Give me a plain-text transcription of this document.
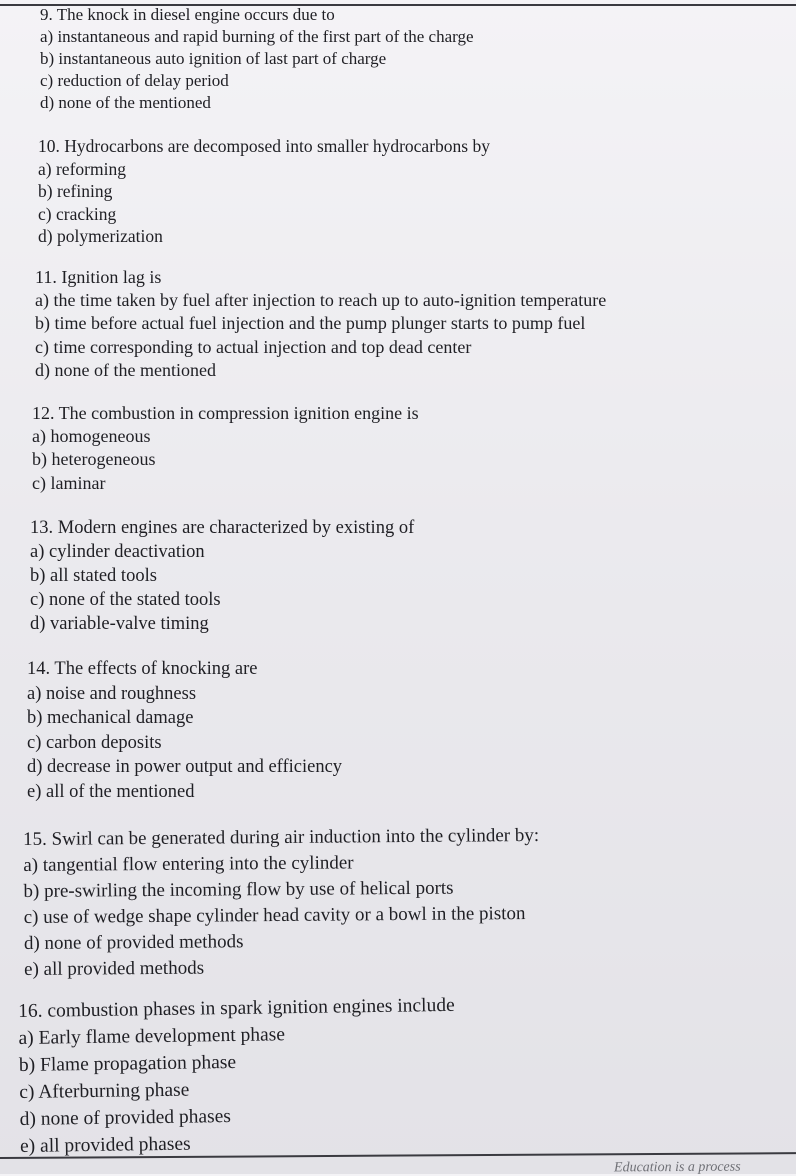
9. The knock in diesel engine occurs due to
a) instantaneous and rapid burning of the first part of the charge
b) instantaneous auto ignition of last part of charge
c) reduction of delay period
d) none of the mentioned
10. Hydrocarbons are decomposed into smaller hydrocarbons by
a) reforming
b) refining
c) cracking
d) polymerization
11. Ignition lag is
a) the time taken by fuel after injection to reach up to auto-ignition temperature
b) time before actual fuel injection and the pump plunger starts to pump fuel
c) time corresponding to actual injection and top dead center
d) none of the mentioned
12. The combustion in compression ignition engine is
a) homogeneous
b) heterogeneous
c) laminar
13. Modern engines are characterized by existing of
a) cylinder deactivation
b) all stated tools
c) none of the stated tools
d) variable-valve timing
14. The effects of knocking are
a) noise and roughness
b) mechanical damage
c) carbon deposits
d) decrease in power output and efficiency
e) all of the mentioned
15. Swirl can be generated during air induction into the cylinder by:
a) tangential flow entering into the cylinder
b) pre-swirling the incoming flow by use of helical ports
c) use of wedge shape cylinder head cavity or a bowl in the piston
d) none of provided methods
e) all provided methods
16. combustion phases in spark ignition engines include
a) Early flame development phase
b) Flame propagation phase
c) Afterburning phase
d) none of provided phases
e) all provided phases
Education is a process
